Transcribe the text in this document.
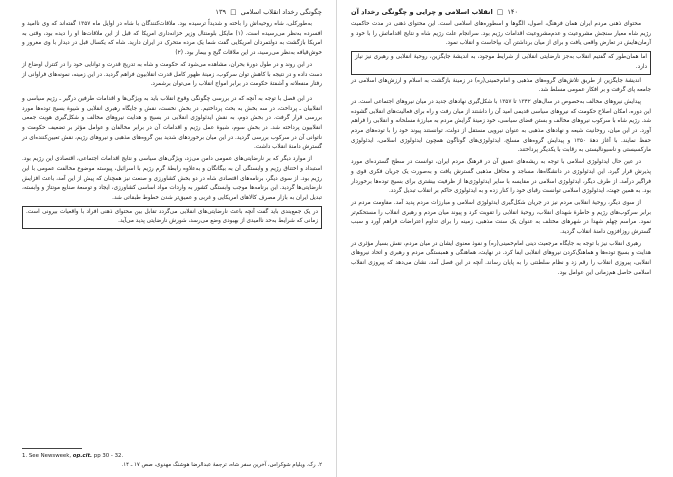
چگونگی رخداد انقلاب اسلامی  □  ۱۳۹

به‌طورکلی، شاه روحیه‌اش را باخته و شدیداً ترسیده بود. ملاقات‌کنندگان با شاه در اوایل ماه ۱۳۵۷ گفته‌اند که وی ناامید و افسرده به‌نظر می‌رسیده است. (۱) مایکل بلومنتال وزیر خزانه‌داری امریکا که قبل از این ملاقات‌ها او را دیده بود، وقتی به امریکا بازگشت به دولتمردان امریکایی گفت شما یک مرده متحرک در ایران دارید. شاه که یکسال قبل در دیدار با وی مغرور و خوش‌قیافه به‌نظر می‌رسید، در این ملاقات گیج و بیمار بود. (۲)

در این روند و در طول دورهٔ بحران، مشاهده می‌شود که حکومت و شاه به تدریج قدرت و توانایی خود را در کنترل اوضاع از دست داده و در نتیجه با کاهش توان سرکوب، زمینهٔ ظهور کامل قدرت انقلابیون فراهم گردید. در این زمینه، نمونه‌های فراوانی از رفتار منفعلانه و آشفتهٔ حکومت در برابر امواج انقلاب را می‌توان برشمرد.

در این فصل با توجه به آنچه که در بررسی چگونگی وقوع انقلاب باید به ویژگی‌ها و اقدامات طرفین درگیر ـ رژیم سیاسی و انقلابیان ـ پرداخت، در سه بخش به بحث پرداختیم. در بخش نخست، نقش و جایگاه رهبری انقلابی و شیوهٔ بسیج توده‌ها مورد بررسی قرار گرفت. در بخش دوم، به نقش ایدئولوژی انقلابی در بسیج و هدایت نیروهای مخالف و شکل‌گیری هویت جمعی انقلابیون پرداخته شد. در بخش سوم، شیوهٔ عمل رژیم و اقدامات آن در برابر مخالفان و عوامل مؤثر بر تضعیف حکومت و ناتوانی آن در سرکوب بررسی گردید. در این میان برخوردهای شدید بین گروه‌های مذهبی و نیروهای رژیم، نقش تعیین‌کننده‌ای در گسترش دامنهٔ انقلاب داشت.

از موارد دیگر که بر نارضایتی‌های عمومی دامن می‌زد، ویژگی‌های سیاسی و نتایج اقدامات اجتماعی، اقتصادی این رژیم بود. استبداد و اختناق رژیم و وابستگی آن به بیگانگان و به‌علاوه رابطهٔ گرم رژیم با اسرائیل، پیوسته موضوع مخالفت عمومی با این رژیم بود. از سوی دیگر، برنامه‌های اقتصادی شاه در دو بخش کشاورزی و صنعت نیز همچنان که پیش از این آمد، باعث افزایش نارضایتی‌ها گردید. این برنامه‌ها موجب وابستگی کشور به واردات مواد اساسی کشاورزی، ایجاد و توسعهٔ صنایع مونتاژ و وابسته، تبدیل ایران به بازار مصرف کالاهای امریکایی و غربی و عمیق‌تر شدن خطوط طبقاتی شد.

در یک جمع‌بندی باید گفت آنچه باعث نارضایتی‌های انقلابی می‌گردد تقابل بین محتوای ذهنی افراد با واقعیات بیرونی است. زمانی که شرایط به‌حد ناامیدی از بهبودی وضع می‌رسد، شورش نارضایتی پدید می‌آید.

1. See Newsweek, op.cit. pp 30 - 32.
۲. رک. ویلیام شوکراس، آخرین سفر شاه، ترجمهٔ عبدالرضا هوشنگ مهدوی، صص ۱۷ ـ ۱۴.
۱۴۰  □  انقلاب اسلامی و چرایی و چگونگی رخداد آن

محتوای ذهنی مردم ایران همان فرهنگ، اصول، الگوها و اسطوره‌های اسلامی است. این محتوای ذهنی در مدت حاکمیت رژیم شاه معیار سنجش مشروعیت و عدم‌مشروعیت اقدامات رژیم بود. سرانجام علت رژیم شاه و نتایج اقداماتش را با خود و آرمان‌هایش در تعارض واقعی یافت و برای از میان برداشتن آن، بپاخاست و انقلاب نمود.

اما همان‌طور که گفتیم انقلاب به‌جز نارضایتی انقلابی از شرایط موجود، به اندیشهٔ جایگزین، روحیهٔ انقلابی و رهبری نیز نیاز دارد.

اندیشهٔ جایگزین از طریق تلاش‌های گروه‌های مذهبی و امام‌خمینی(ره) در زمینهٔ بازگشت به اسلام و ارزش‌های اسلامی در جامعه پای گرفت و بر افکار عمومی مسلط شد.

پیدایش نیروهای مخالف به‌خصوص در سال‌های ۱۳۴۲ تا ۱۳۵۷ با شکل‌گیری نهادهای جدید در میان نیروهای اجتماعی است. در این دوره، امکان اصلاح حکومت که نیروهای سیاسی قدیمی امید آن را داشتند از میان رفت و راه برای فعالیت‌های انقلابی گشوده شد. رژیم شاه با سرکوب نیروهای مخالف و بستن فضای سیاسی، خود زمینهٔ گرایش مردم به مبارزهٔ مسلحانه و انقلابی را فراهم آورد. در این میان، روحانیت شیعه و نهادهای مذهبی به عنوان نیرویی مستقل از دولت، توانستند پیوند خود را با توده‌های مردم حفظ نمایند. با آغاز دههٔ ۱۳۵۰ و پیدایش گروه‌های مسلح، ایدئولوژی‌های گوناگون همچون ایدئولوژی اسلامی، ایدئولوژی مارکسیستی و ناسیونالیستی به رقابت با یکدیگر پرداختند.

در عین حال ایدئولوژی اسلامی با توجه به ریشه‌های عمیق آن در فرهنگ مردم ایران، توانست در سطح گسترده‌ای مورد پذیرش قرار گیرد. این ایدئولوژی در دانشگاه‌ها، مساجد و محافل مذهبی گسترش یافت و به‌صورت یک جریان فکری قوی و فراگیر درآمد. از طرف دیگر، ایدئولوژی اسلامی در مقایسه با سایر ایدئولوژی‌ها از ظرفیت بیشتری برای بسیج توده‌ها برخوردار بود. به همین جهت، ایدئولوژی اسلامی توانست رقبای خود را کنار زده و به ایدئولوژی حاکم بر انقلاب تبدیل گردد.

از سوی دیگر، روحیهٔ انقلابی مردم نیز در جریان شکل‌گیری ایدئولوژی اسلامی و مبارزات مردم پدید آمد. مقاومت مردم در برابر سرکوب‌های رژیم و خاطرهٔ شهدای انقلاب، روحیهٔ انقلابی را تقویت کرد و پیوند میان مردم و رهبری انقلاب را مستحکم‌تر نمود. مراسم چهلم شهدا در شهرهای مختلف به عنوان یک سنت مذهبی، زمینه را برای تداوم اعتراضات فراهم آورد و سبب گسترش روزافزون دامنهٔ انقلاب گردید.

رهبری انقلاب نیز با توجه به جایگاه مرجعیت دینی امام‌خمینی(ره) و نفوذ معنوی ایشان در میان مردم، نقش بسیار مؤثری در هدایت و بسیج توده‌ها و هماهنگ‌کردن نیروهای انقلابی ایفا کرد. در نهایت، هماهنگی و همبستگی مردم و رهبری و اتحاد نیروهای انقلابی، پیروزی انقلاب را رقم زد و نظام سلطنتی را به پایان رساند. آنچه در این فصل آمد، نشان می‌دهد که پیروزی انقلاب اسلامی حاصل هم‌زمانی این عوامل بود.
